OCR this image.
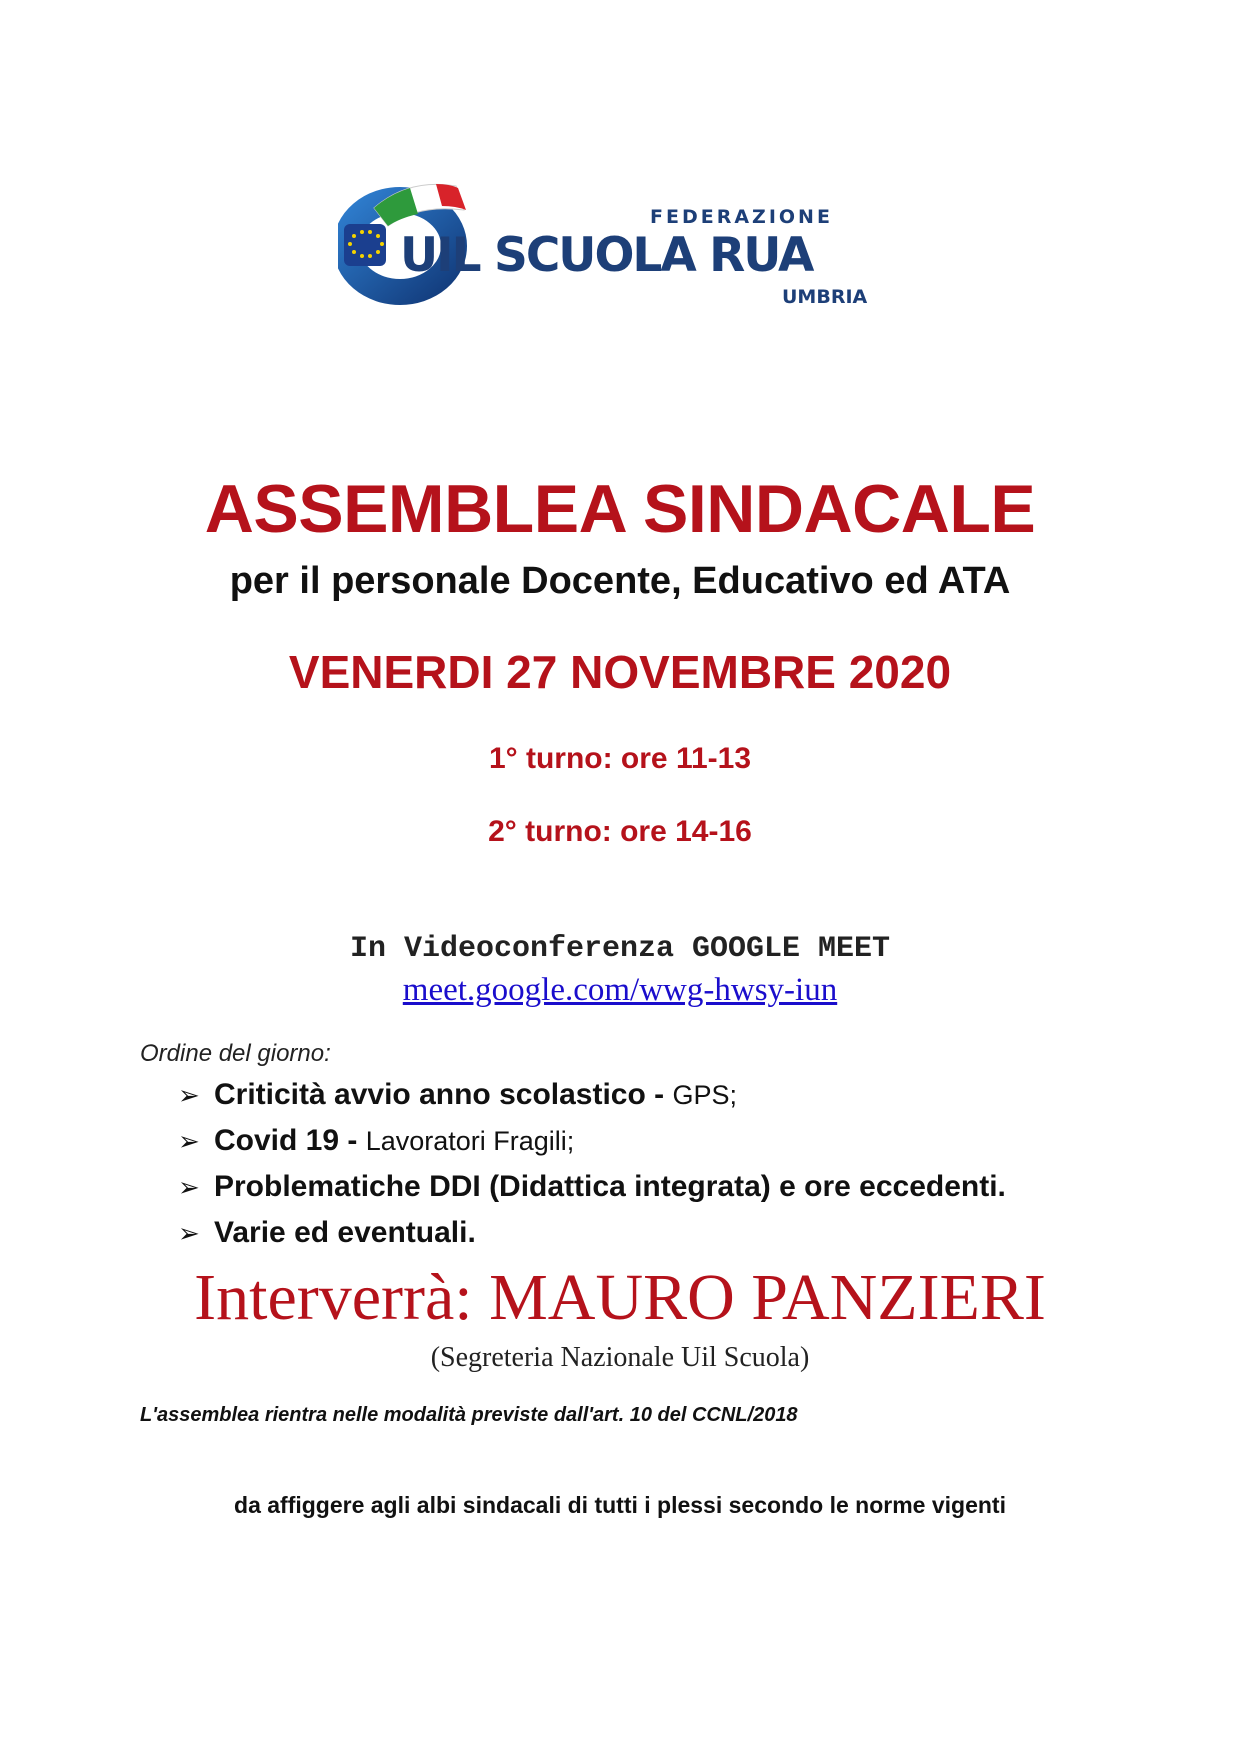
FEDERAZIONE
UIL SCUOLA RUA
UMBRIA
ASSEMBLEA SINDACALE
per il personale Docente, Educativo ed ATA
VENERDI 27 NOVEMBRE 2020
1° turno: ore 11-13
2° turno: ore 14-16
In Videoconferenza GOOGLE MEET
meet.google.com/wwg-hwsy-iun
Ordine del giorno:
➢ Criticità avvio anno scolastico - GPS;
➢ Covid 19 - Lavoratori Fragili;
➢ Problematiche DDI (Didattica integrata) e ore eccedenti.
➢ Varie ed eventuali.
Interverrà: MAURO PANZIERI
(Segreteria Nazionale Uil Scuola)
L'assemblea rientra nelle modalità previste dall'art. 10 del CCNL/2018
da affiggere agli albi sindacali di tutti i plessi secondo le norme vigenti
